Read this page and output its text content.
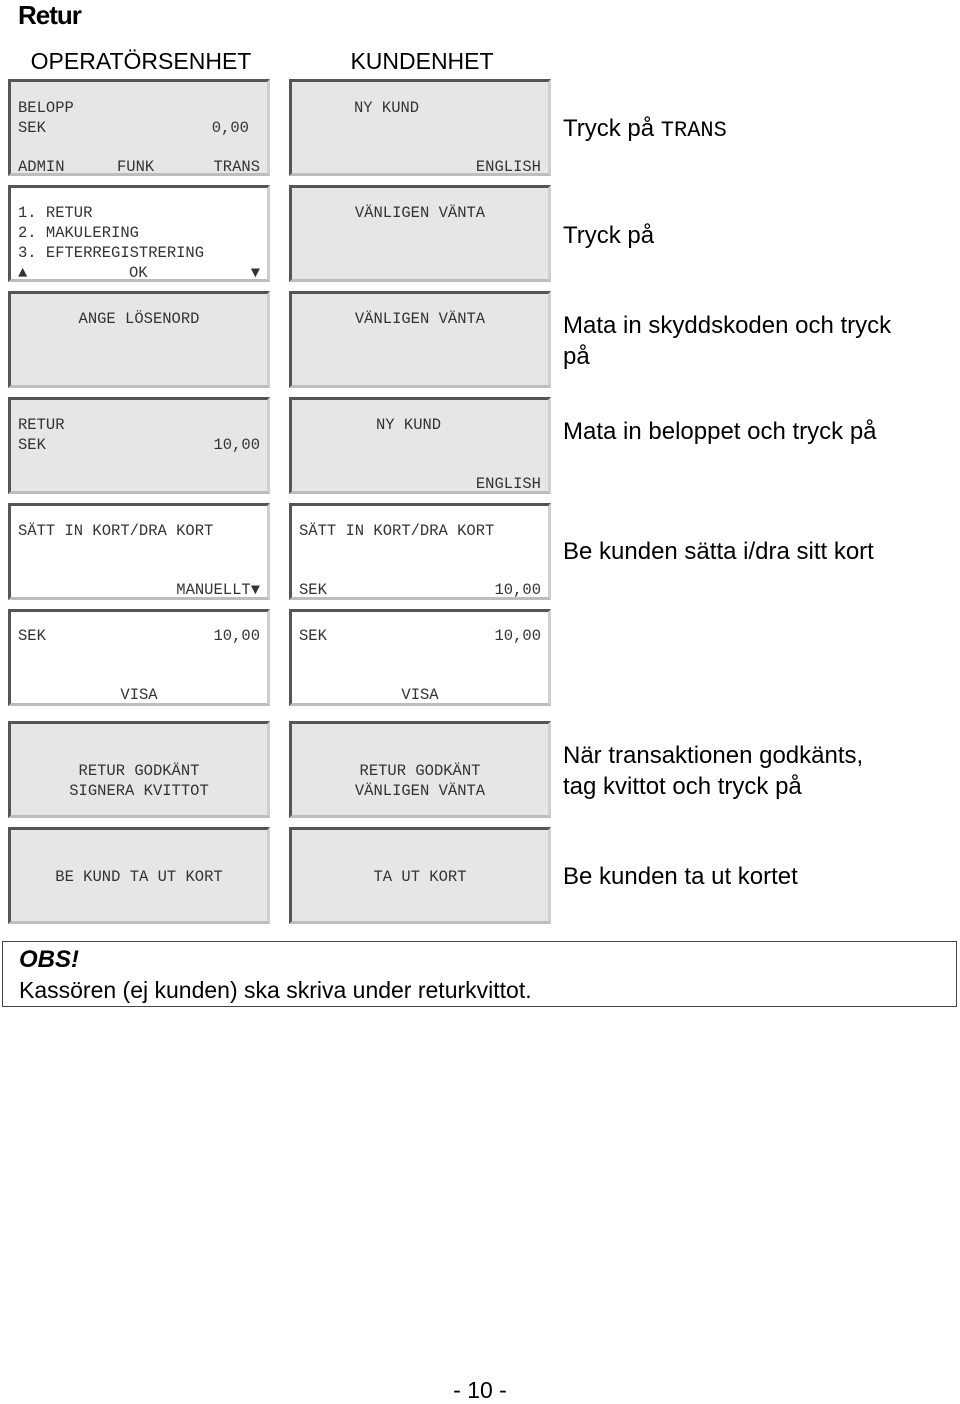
Retur
OPERATÖRSENHET	KUNDENHET
BELOPP
SEK	0,00
ADMIN	FUNK	TRANS
NY KUND
ENGLISH
Tryck på TRANS
1. RETUR
2. MAKULERING
3. EFTERREGISTRERING
▲	OK	▼
VÄNLIGEN VÄNTA
Tryck på
ANGE LÖSENORD	VÄNLIGEN VÄNTA	Mata in skyddskoden och tryck
på
RETUR
SEK	10,00
NY KUND
ENGLISH
Mata in beloppet och tryck på
SÄTT IN KORT/DRA KORT
MANUELLT▼
SÄTT IN KORT/DRA KORT
SEK	10,00
Be kunden sätta i/dra sitt kort
SEK	10,00
VISA
SEK	10,00
VISA
RETUR GODKÄNT
SIGNERA KVITTOT
RETUR GODKÄNT
VÄNLIGEN VÄNTA
När transaktionen godkänts,
tag kvittot och tryck på
BE KUND TA UT KORT	TA UT KORT	Be kunden ta ut kortet
OBS!
Kassören (ej kunden) ska skriva under returkvittot.
- 10 -
